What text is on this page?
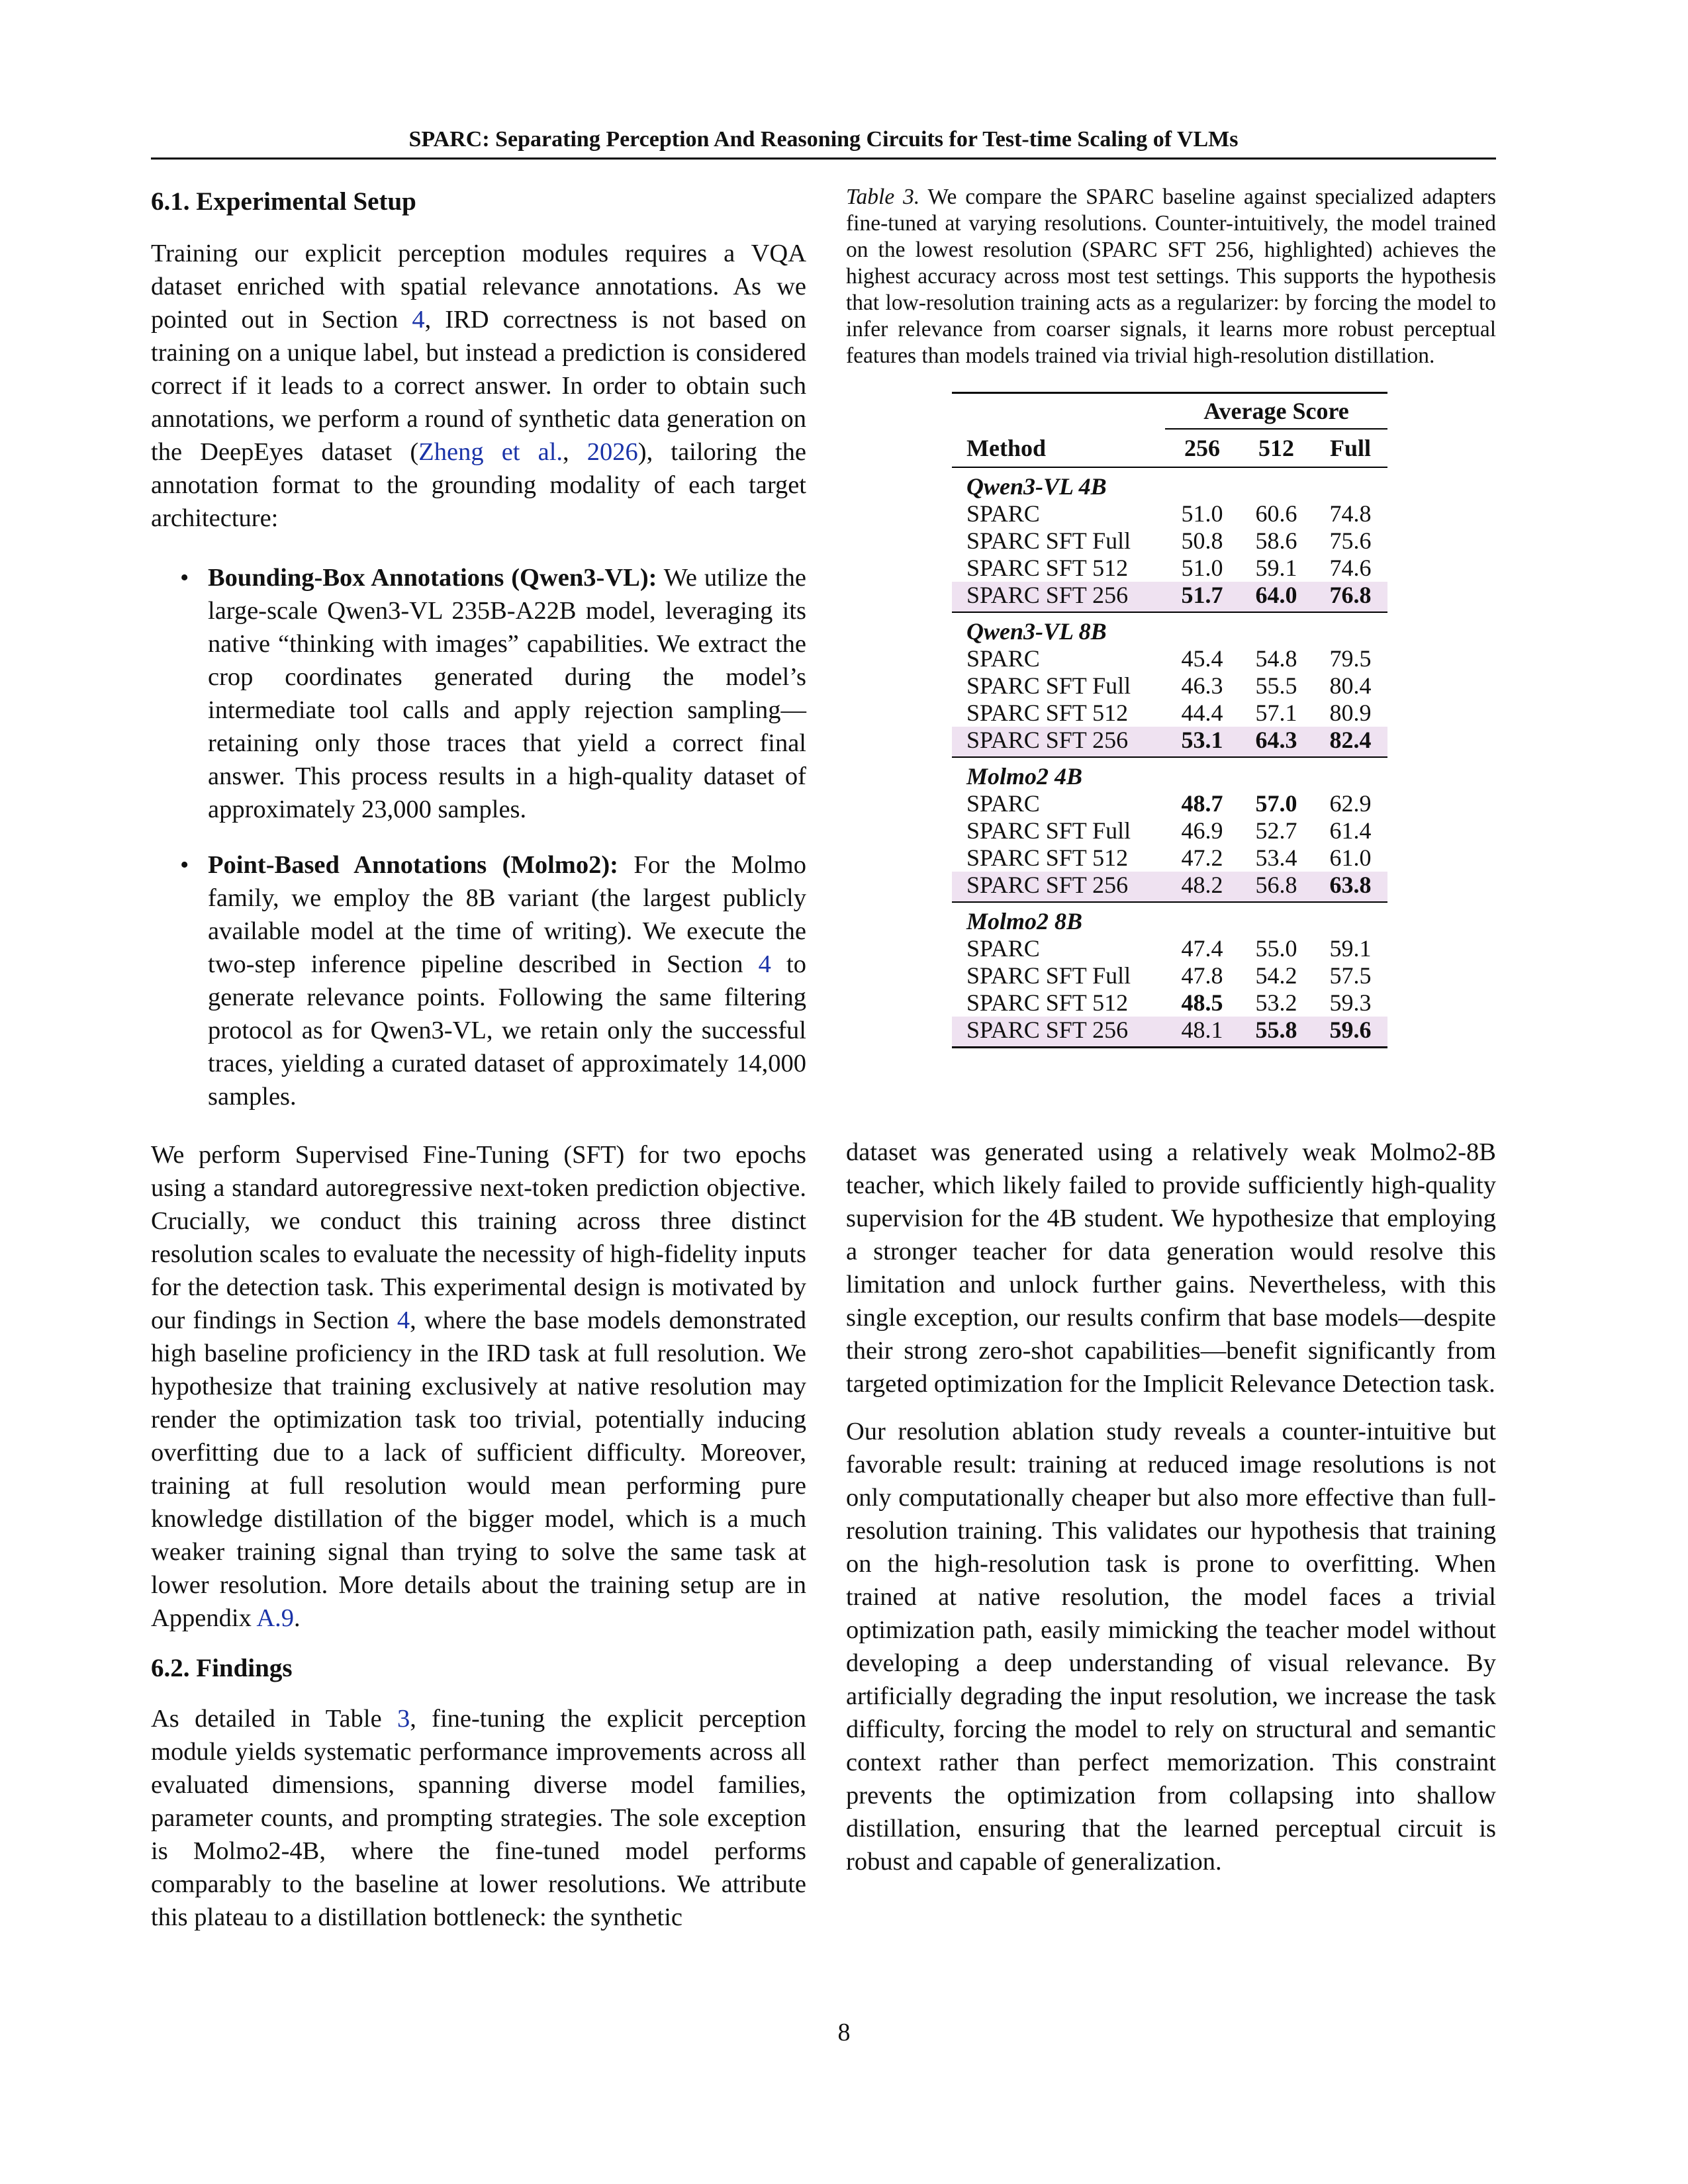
SPARC: Separating Perception And Reasoning Circuits for Test-time Scaling of VLMs
6.1. Experimental Setup

Training our explicit perception modules requires a VQA dataset enriched with spatial relevance annotations. As we pointed out in Section 4, IRD correctness is not based on training on a unique label, but instead a prediction is considered correct if it leads to a correct answer. In order to obtain such annotations, we perform a round of synthetic data generation on the DeepEyes dataset (Zheng et al., 2026), tailoring the annotation format to the grounding modality of each target architecture:

• Bounding-Box Annotations (Qwen3-VL): We utilize the large-scale Qwen3-VL 235B-A22B model, leveraging its native “thinking with images” capabilities. We extract the crop coordinates generated during the model’s intermediate tool calls and apply rejection sampling—retaining only those traces that yield a correct final answer. This process results in a high-quality dataset of approximately 23,000 samples.
• Point-Based Annotations (Molmo2): For the Molmo family, we employ the 8B variant (the largest publicly available model at the time of writing). We execute the two-step inference pipeline described in Section 4 to generate relevance points. Following the same filtering protocol as for Qwen3-VL, we retain only the successful traces, yielding a curated dataset of approximately 14,000 samples.

We perform Supervised Fine-Tuning (SFT) for two epochs using a standard autoregressive next-token prediction objective. Crucially, we conduct this training across three distinct resolution scales to evaluate the necessity of high-fidelity inputs for the detection task. This experimental design is motivated by our findings in Section 4, where the base models demonstrated high baseline proficiency in the IRD task at full resolution. We hypothesize that training exclusively at native resolution may render the optimization task too trivial, potentially inducing overfitting due to a lack of sufficient difficulty. Moreover, training at full resolution would mean performing pure knowledge distillation of the bigger model, which is a much weaker training signal than trying to solve the same task at lower resolution. More details about the training setup are in Appendix A.9.

6.2. Findings

As detailed in Table 3, fine-tuning the explicit perception module yields systematic performance improvements across all evaluated dimensions, spanning diverse model families, parameter counts, and prompting strategies. The sole exception is Molmo2-4B, where the fine-tuned model performs comparably to the baseline at lower resolutions. We attribute this plateau to a distillation bottleneck: the synthetic

Table 3. We compare the SPARC baseline against specialized adapters fine-tuned at varying resolutions. Counter-intuitively, the model trained on the lowest resolution (SPARC SFT 256, highlighted) achieves the highest accuracy across most test settings. This supports the hypothesis that low-resolution training acts as a regularizer: by forcing the model to infer relevance from coarser signals, it learns more robust perceptual features than models trained via trivial high-resolution distillation.

	Average Score		
Method	256	512	Full
Qwen3-VL 4B			
SPARC	51.0	60.6	74.8
SPARC SFT Full	50.8	58.6	75.6
SPARC SFT 512	51.0	59.1	74.6
SPARC SFT 256	51.7	64.0	76.8
Qwen3-VL 8B			
SPARC	45.4	54.8	79.5
SPARC SFT Full	46.3	55.5	80.4
SPARC SFT 512	44.4	57.1	80.9
SPARC SFT 256	53.1	64.3	82.4
Molmo2 4B			
SPARC	48.7	57.0	62.9
SPARC SFT Full	46.9	52.7	61.4
SPARC SFT 512	47.2	53.4	61.0
SPARC SFT 256	48.2	56.8	63.8
Molmo2 8B			
SPARC	47.4	55.0	59.1
SPARC SFT Full	47.8	54.2	57.5
SPARC SFT 512	48.5	53.2	59.3
SPARC SFT 256	48.1	55.8	59.6

dataset was generated using a relatively weak Molmo2-8B teacher, which likely failed to provide sufficiently high-quality supervision for the 4B student. We hypothesize that employing a stronger teacher for data generation would resolve this limitation and unlock further gains. Nevertheless, with this single exception, our results confirm that base models—despite their strong zero-shot capabilities—benefit significantly from targeted optimization for the Implicit Relevance Detection task.

Our resolution ablation study reveals a counter-intuitive but favorable result: training at reduced image resolutions is not only computationally cheaper but also more effective than full-resolution training. This validates our hypothesis that training on the high-resolution task is prone to overfitting. When trained at native resolution, the model faces a trivial optimization path, easily mimicking the teacher model without developing a deep understanding of visual relevance. By artificially degrading the input resolution, we increase the task difficulty, forcing the model to rely on structural and semantic context rather than perfect memorization. This constraint prevents the optimization from collapsing into shallow distillation, ensuring that the learned perceptual circuit is robust and capable of generalization.

8
